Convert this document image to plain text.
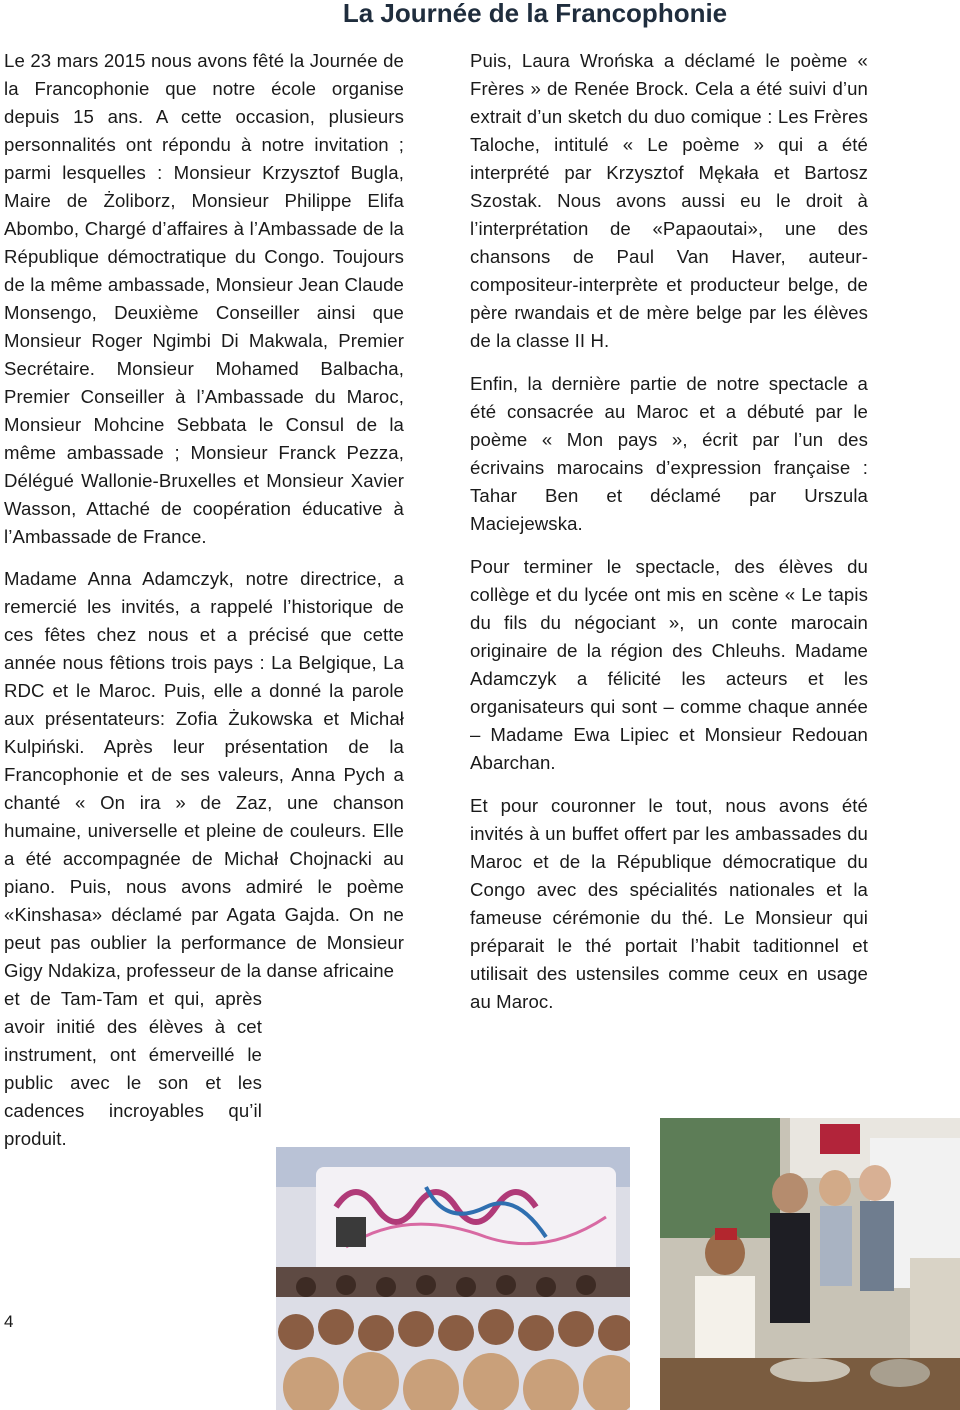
La Journée de la Francophonie

Le 23 mars 2015 nous avons fêté la Journée de la Francophonie que notre école organise depuis 15 ans. A cette occasion, plusieurs personnalités ont répondu à notre invitation ; parmi lesquelles : Monsieur Krzysztof Bugla, Maire de Żoliborz, Monsieur Philippe Elifa Abombo, Chargé d’affaires à l’Ambassade de la République démoctratique du Congo. Toujours de la même ambassade, Monsieur Jean Claude Monsengo, Deuxième Conseiller ainsi que Monsieur Roger Ngimbi Di Makwala, Premier Secrétaire. Monsieur Mohamed Balbacha, Premier Conseiller à l’Ambassade du Maroc, Monsieur Mohcine Sebbata le Consul de la même ambassade ; Monsieur Franck Pezza, Délégué Wallonie-Bruxelles et Monsieur Xavier Wasson, Attaché de coopération éducative à l’Ambassade de France.

Madame Anna Adamczyk, notre directrice, a remercié les invités, a rappelé l’historique de ces fêtes chez nous et a précisé que cette année nous fêtions trois pays : La Belgique, La RDC et le Maroc. Puis, elle a donné la parole aux présentateurs: Zofia Żukowska et Michał Kulpiński. Après leur présentation de la Francophonie et de ses valeurs, Anna Pych a chanté « On ira » de Zaz, une chanson humaine, universelle et pleine de couleurs. Elle a été accompagnée de Michał Chojnacki au piano. Puis, nous avons admiré le poème «Kinshasa» déclamé par Agata Gajda. On ne peut pas oublier la performance de Monsieur Gigy Ndakiza, professeur de la danse africaine
et de Tam-Tam et qui, après avoir initié des élèves à cet instrument, ont émerveillé le public avec le son et les cadences incroyables qu’il produit.

Puis, Laura Wrońska a déclamé le poème « Frères » de Renée Brock. Cela a été suivi d’un extrait d’un sketch du duo comique : Les Frères Taloche, intitulé « Le poème » qui a été interprété par Krzysztof Mękała et Bartosz Szostak. Nous avons aussi eu le droit à l’interprétation de «Papaoutai», une des chansons de Paul Van Haver, auteur-compositeur-interprète et producteur belge, de père rwandais et de mère belge par les élèves de la classe II H.

Enfin, la dernière partie de notre spectacle a été consacrée au Maroc et a débuté par le poème « Mon pays », écrit par l’un des écrivains marocains d’expression française : Tahar Ben et déclamé par Urszula Maciejewska.

Pour terminer le spectacle, des élèves du collège et du lycée ont mis en scène « Le tapis du fils du négociant », un conte marocain originaire de la région des Chleuhs. Madame Adamczyk a félicité les acteurs et les organisateurs qui sont – comme chaque année – Madame Ewa Lipiec et Monsieur Redouan Abarchan.

Et pour couronner le tout, nous avons été invités à un buffet offert par les ambassades du Maroc et de la République démocratique du Congo avec des spécialités nationales et la fameuse cérémonie du thé. Le Monsieur qui préparait le thé portait l’habit taditionnel et utilisait des ustensiles comme ceux en usage au Maroc.

4
